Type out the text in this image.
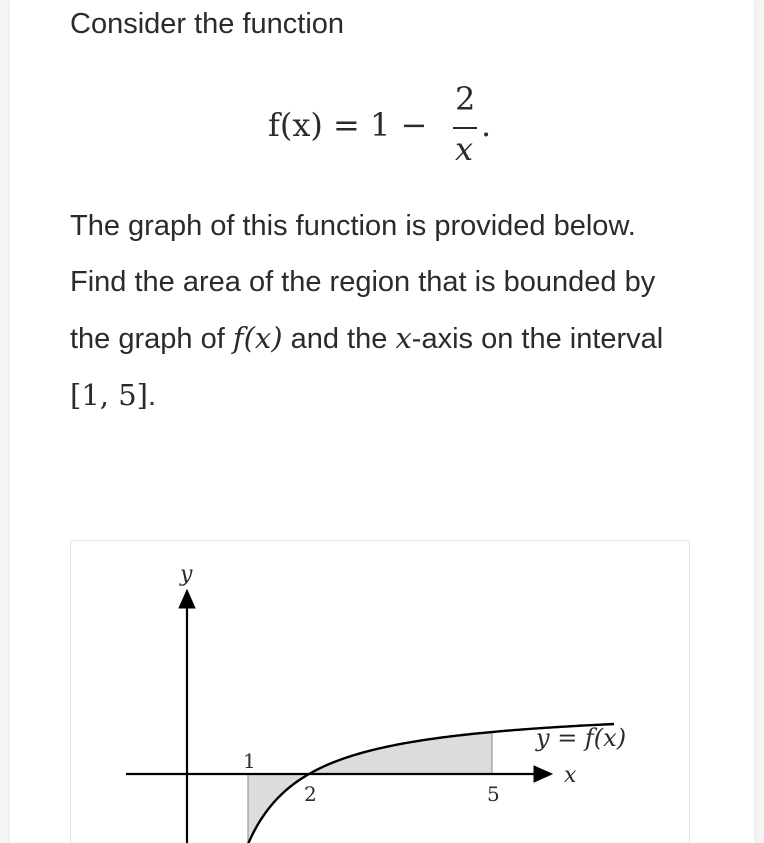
Consider the function

f(x) = 1 −
2
x
.

The graph of this function is provided below. Find the area of the region that is bounded by the graph of f(x) and the x-axis on the interval [1, 5].

y
x
y = f(x)
1
2	5
